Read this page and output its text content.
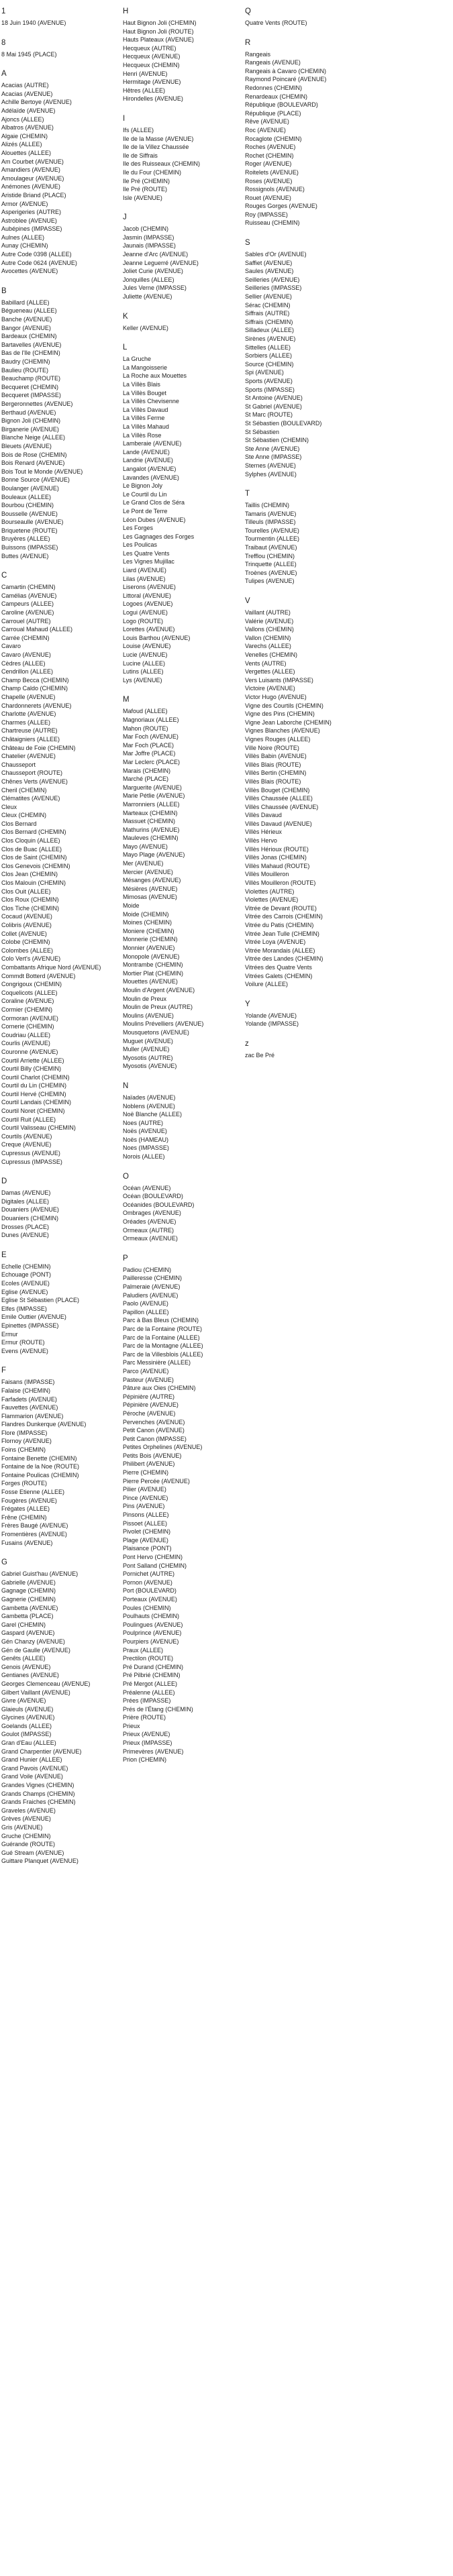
1
18 Juin 1940 (AVENUE)
8
8 Mai 1945 (PLACE)
A
Acacias (AUTRE)
Acacias (AVENUE)
Achille Bertoye (AVENUE)
Adélaïde (AVENUE)
Ajoncs (ALLEE)
Albatros (AVENUE)
Algaie (CHEMIN)
Alizés (ALLEE)
Alouettes (ALLEE)
Am Courbet (AVENUE)
Amandiers (AVENUE)
Amoulageur (AVENUE)
Anémones (AVENUE)
Aristide Briand (PLACE)
Armor (AVENUE)
Asperigeries (AUTRE)
Astroblee (AVENUE)
Aubépines (IMPASSE)
Aulnes (ALLEE)
Aunay (CHEMIN)
Autre Code 0398 (ALLEE)
Autre Code 0624 (AVENUE)
Avocettes (AVENUE)
B
Babillard (ALLEE)
Bégueneau (ALLEE)
Banche (AVENUE)
Bangor (AVENUE)
Bardeaux (CHEMIN)
Bartavelles (AVENUE)
Bas de l'Ile (CHEMIN)
Baudry (CHEMIN)
Baulieu (ROUTE)
Beauchamp (ROUTE)
Becqueret (CHEMIN)
Becqueret (IMPASSE)
Bergeronnettes (AVENUE)
Berthaud (AVENUE)
Bignon Joli (CHEMIN)
Birganerie (AVENUE)
Blanche Neige (ALLEE)
Bleuets (AVENUE)
Bois de Rose (CHEMIN)
Bois Renard (AVENUE)
Bois Tout le Monde (AVENUE)
Bonne Source (AVENUE)
Boulanger (AVENUE)
Bouleaux (ALLEE)
Bourbou (CHEMIN)
Bousselle (AVENUE)
Bourseaulle (AVENUE)
Briquetene (ROUTE)
Bruyères (ALLEE)
Buissons (IMPASSE)
Buttes (AVENUE)
C
Camartin (CHEMIN)
Camélias (AVENUE)
Campeurs (ALLEE)
Caroline (AVENUE)
Carrouel (AUTRE)
Carroual Mahaud (ALLEE)
Carrée (CHEMIN)
Cavaro
Cavaro (AVENUE)
Cèdres (ALLEE)
Cendrillon (ALLEE)
Champ Becca (CHEMIN)
Champ Caldo (CHEMIN)
Chapelle (AVENUE)
Chardonnerets (AVENUE)
Charlotte (AVENUE)
Charmes (ALLEE)
Chartreuse (AUTRE)
Châtaigniers (ALLEE)
Château de Foie (CHEMIN)
Chatelier (AVENUE)
Chausseport
Chausseport (ROUTE)
Chênes Verts (AVENUE)
Cheril (CHEMIN)
Clématites (AVENUE)
Cleux
Cleux (CHEMIN)
Clos Bernard
Clos Bernard (CHEMIN)
Clos Cloquin (ALLEE)
Clos de Buac (ALLEE)
Clos de Saint (CHEMIN)
Clos Genevois (CHEMIN)
Clos Jean (CHEMIN)
Clos Malouin (CHEMIN)
Clos Ouit (ALLEE)
Clos Roux (CHEMIN)
Clos Tiche (CHEMIN)
Cocaud (AVENUE)
Colibris (AVENUE)
Collet (AVENUE)
Colobe (CHEMIN)
Colombes (ALLEE)
Colo Vert's (AVENUE)
Combattants Afrique Nord (AVENUE)
Commdt Botterd (AVENUE)
Congrigoux (CHEMIN)
Coquelicots (ALLEE)
Coraline (AVENUE)
Cormier (CHEMIN)
Cormoran (AVENUE)
Cornerie (CHEMIN)
Coudriau (ALLEE)
Courlis (AVENUE)
Couronne (AVENUE)
Courtil Arriette (ALLEE)
Courtil Billy (CHEMIN)
Courtil Charlot (CHEMIN)
Courtil du Lin (CHEMIN)
Courtil Hervé (CHEMIN)
Courtil Landais (CHEMIN)
Courtil Noret (CHEMIN)
Courtil Ruit (ALLEE)
Courtil Valisseau (CHEMIN)
Courtils (AVENUE)
Creque (AVENUE)
Cupressus (AVENUE)
Cupressus (IMPASSE)
D
Damas (AVENUE)
Digitales (ALLEE)
Douaniers (AVENUE)
Douaniers (CHEMIN)
Drosses (PLACE)
Dunes (AVENUE)
E
Echelle (CHEMIN)
Echouage (PONT)
Ecoles (AVENUE)
Eglise (AVENUE)
Eglise St Sébastien (PLACE)
Elfes (IMPASSE)
Emile Outtier (AVENUE)
Epinettes (IMPASSE)
Ermur
Ermur (ROUTE)
Evens (AVENUE)
F
Faisans (IMPASSE)
Falaise (CHEMIN)
Farfadets (AVENUE)
Fauvettes (AVENUE)
Flammarion (AVENUE)
Flandres Dunkerque (AVENUE)
Flore (IMPASSE)
Flornoy (AVENUE)
Foins (CHEMIN)
Fontaine Benette (CHEMIN)
Fontaine de la Noe (ROUTE)
Fontaine Poulicas (CHEMIN)
Forges (ROUTE)
Fosse Etienne (ALLEE)
Fougères (AVENUE)
Frégates (ALLEE)
Frêne (CHEMIN)
Frères Baugé (AVENUE)
Fromentières (AVENUE)
Fusains (AVENUE)
G
Gabriel Guist'hau (AVENUE)
Gabrielle (AVENUE)
Gagnage (CHEMIN)
Gagnerie (CHEMIN)
Gambetta (AVENUE)
Gambetta (PLACE)
Garel (CHEMIN)
Gaspard (AVENUE)
Gén Chanzy (AVENUE)
Gén de Gaulle (AVENUE)
Genêts (ALLEE)
Genois (AVENUE)
Gentianes (AVENUE)
Georges Clemenceau (AVENUE)
Gilbert Vaillant (AVENUE)
Givre (AVENUE)
Glaieuls (AVENUE)
Glycines (AVENUE)
Goelands (ALLEE)
Goulot (IMPASSE)
Gran d'Eau (ALLEE)
Grand Charpentier (AVENUE)
Grand Hunier (ALLEE)
Grand Pavois (AVENUE)
Grand Voile (AVENUE)
Grandes Vignes (CHEMIN)
Grands Champs (CHEMIN)
Grands Fraiches (CHEMIN)
Graveles (AVENUE)
Grèves (AVENUE)
Gris (AVENUE)
Gruche (CHEMIN)
Guérande (ROUTE)
Gué Stream (AVENUE)
Guittare Planquet (AVENUE)
H
Haut Bignon Joli (CHEMIN)
Haut Bignon Joli (ROUTE)
Hauts Plateaux (AVENUE)
Hecqueux (AUTRE)
Hecqueux (AVENUE)
Hecqueux (CHEMIN)
Henri (AVENUE)
Hermitage (AVENUE)
Hêtres (ALLEE)
Hirondelles (AVENUE)
I
Ifs (ALLEE)
Ile de la Masse (AVENUE)
Ile de la Villez Chaussée
Ile de Siffrais
Ile des Ruisseaux (CHEMIN)
Ile du Four (CHEMIN)
Ile Pré (CHEMIN)
Ile Pré (ROUTE)
Isle (AVENUE)
J
Jacob (CHEMIN)
Jasmin (IMPASSE)
Jaunais (IMPASSE)
Jeanne d'Arc (AVENUE)
Jeanne Leguerré (AVENUE)
Joliet Curie (AVENUE)
Jonquilles (ALLEE)
Jules Verne (IMPASSE)
Juliette (AVENUE)
K
Keller (AVENUE)
L
La Gruche
La Mangoisserie
La Roche aux Mouettes
La Villès Blais
La Villès Bouget
La Villès Chevisenne
La Villès Davaud
La Villès Ferme
La Villès Mahaud
La Villès Rose
Lamberaie (AVENUE)
Lande (AVENUE)
Landrie (AVENUE)
Langalot (AVENUE)
Lavandes (AVENUE)
Le Bignon Joly
Le Courtil du Lin
Le Grand Clos de Séra
Le Pont de Terre
Léon Dubes (AVENUE)
Les Forges
Les Gagnages des Forges
Les Poulicas
Les Quatre Vents
Les Vignes Mujillac
Liard (AVENUE)
Lilas (AVENUE)
Liserons (AVENUE)
Littoral (AVENUE)
Logoes (AVENUE)
Logui (AVENUE)
Logo (ROUTE)
Lorettes (AVENUE)
Louis Barthou (AVENUE)
Louise (AVENUE)
Lucie (AVENUE)
Lucine (ALLEE)
Lutins (ALLEE)
Lys (AVENUE)
M
Mafoud (ALLEE)
Magnoriaux (ALLEE)
Mahon (ROUTE)
Mar Foch (AVENUE)
Mar Foch (PLACE)
Mar Joffre (PLACE)
Mar Leclerc (PLACE)
Marais (CHEMIN)
Marché (PLACE)
Marguerite (AVENUE)
Marie Pétlie (AVENUE)
Marronniers (ALLEE)
Marteaux (CHEMIN)
Massuet (CHEMIN)
Mathurins (AVENUE)
Mauleves (CHEMIN)
Mayo (AVENUE)
Mayo Plage (AVENUE)
Mer (AVENUE)
Mercier (AVENUE)
Mésanges (AVENUE)
Mésières (AVENUE)
Mimosas (AVENUE)
Moide
Moide (CHEMIN)
Moines (CHEMIN)
Moniere (CHEMIN)
Monnerie (CHEMIN)
Monnier (AVENUE)
Monopole (AVENUE)
Montrambe (CHEMIN)
Mortier Plat (CHEMIN)
Mouettes (AVENUE)
Moulin d'Argent (AVENUE)
Moulin de Preux
Moulin de Preux (AUTRE)
Moulins (AVENUE)
Moulins Prévelliers (AVENUE)
Mousquetons (AVENUE)
Muguet (AVENUE)
Muller (AVENUE)
Myosotis (AUTRE)
Myosotis (AVENUE)
N
Naïades (AVENUE)
Noblens (AVENUE)
Noë Blanche (ALLEE)
Noes (AUTRE)
Noës (AVENUE)
Noës (HAMEAU)
Noes (IMPASSE)
Norois (ALLEE)
O
Océan (AVENUE)
Océan (BOULEVARD)
Océanides (BOULEVARD)
Ombrages (AVENUE)
Oréades (AVENUE)
Ormeaux (AUTRE)
Ormeaux (AVENUE)
P
Padiou (CHEMIN)
Pailleresse (CHEMIN)
Palmeraie (AVENUE)
Paludiers (AVENUE)
Paolo (AVENUE)
Papillon (ALLEE)
Parc à Bas Bleus (CHEMIN)
Parc de la Fontaine (ROUTE)
Parc de la Fontaine (ALLEE)
Parc de la Montagne (ALLEE)
Parc de la Villesblois (ALLEE)
Parc Messinière (ALLEE)
Parco (AVENUE)
Pasteur (AVENUE)
Pâture aux Oies (CHEMIN)
Pépinière (AUTRE)
Pépinière (AVENUE)
Péroche (AVENUE)
Pervenches (AVENUE)
Petit Canon (AVENUE)
Petit Canon (IMPASSE)
Petites Orphelines (AVENUE)
Petits Bois (AVENUE)
Philibert (AVENUE)
Pierre (CHEMIN)
Pierre Percée (AVENUE)
Pilier (AVENUE)
Pince (AVENUE)
Pins (AVENUE)
Pinsons (ALLEE)
Pissoet (ALLEE)
Pivolet (CHEMIN)
Plage (AVENUE)
Plaisance (PONT)
Pont Hervo (CHEMIN)
Pont Salland (CHEMIN)
Pornichet (AUTRE)
Pornon (AVENUE)
Port (BOULEVARD)
Porteaux (AVENUE)
Poules (CHEMIN)
Poulhauts (CHEMIN)
Poulingues (AVENUE)
Poulprince (AVENUE)
Pourpiers (AVENUE)
Praux (ALLEE)
Prectilon (ROUTE)
Pré Durand (CHEMIN)
Pré Pilbrié (CHEMIN)
Pré Mergot (ALLEE)
Préalenne (ALLEE)
Prées (IMPASSE)
Prés de l'Étang (CHEMIN)
Prière (ROUTE)
Prieux
Prieux (AVENUE)
Prieux (IMPASSE)
Primevères (AVENUE)
Prion (CHEMIN)
Q
Quatre Vents (ROUTE)
R
Rangeais
Rangeais (AVENUE)
Rangeais à Cavaro (CHEMIN)
Raymond Poincaré (AVENUE)
Redonnes (CHEMIN)
Renardeaux (CHEMIN)
République (BOULEVARD)
République (PLACE)
Rêve (AVENUE)
Roc (AVENUE)
Rocaglote (CHEMIN)
Roches (AVENUE)
Rochet (CHEMIN)
Roger (AVENUE)
Roitelets (AVENUE)
Roses (AVENUE)
Rossignols (AVENUE)
Rouet (AVENUE)
Rouges Gorges (AVENUE)
Roy (IMPASSE)
Ruisseau (CHEMIN)
S
Sables d'Or (AVENUE)
Saffiet (AVENUE)
Saules (AVENUE)
Seilleries (AVENUE)
Seilleries (IMPASSE)
Sellier (AVENUE)
Sérac (CHEMIN)
Siffrais (AUTRE)
Siffrais (CHEMIN)
Silladeux (ALLEE)
Sirènes (AVENUE)
Sittelles (ALLEE)
Sorbiers (ALLEE)
Source (CHEMIN)
Spi (AVENUE)
Sports (AVENUE)
Sports (IMPASSE)
St Antoine (AVENUE)
St Gabriel (AVENUE)
St Marc (ROUTE)
St Sébastien (BOULEVARD)
St Sébastien
St Sébastien (CHEMIN)
Ste Anne (AVENUE)
Ste Anne (IMPASSE)
Sternes (AVENUE)
Sylphes (AVENUE)
T
Taillis (CHEMIN)
Tamaris (AVENUE)
Tilleuls (IMPASSE)
Tourelles (AVENUE)
Tourmentin (ALLEE)
Traibaut (AVENUE)
Trefflou (CHEMIN)
Trinquette (ALLEE)
Troènes (AVENUE)
Tulipes (AVENUE)
V
Vaillant (AUTRE)
Valérie (AVENUE)
Vallons (CHEMIN)
Vallon (CHEMIN)
Varechs (ALLEE)
Venelles (CHEMIN)
Vents (AUTRE)
Vergettes (ALLEE)
Vers Luisants (IMPASSE)
Victoire (AVENUE)
Victor Hugo (AVENUE)
Vigne des Courtils (CHEMIN)
Vigne des Pins (CHEMIN)
Vigne Jean Laborche (CHEMIN)
Vignes Blanches (AVENUE)
Vignes Rouges (ALLEE)
Ville Noire (ROUTE)
Villès Babin (AVENUE)
Villès Blais (ROUTE)
Villès Bertin (CHEMIN)
Villès Blais (ROUTE)
Villès Bouget (CHEMIN)
Villès Chaussée (ALLEE)
Villès Chaussée (AVENUE)
Villès Davaud
Villès Davaud (AVENUE)
Villès Hérieux
Villès Hervo
Villès Hérioux (ROUTE)
Villès Jonas (CHEMIN)
Villès Mahaud (ROUTE)
Villès Mouilleron
Villès Mouilleron (ROUTE)
Violettes (AUTRE)
Violettes (AVENUE)
Vitrée de Devant (ROUTE)
Vitrée des Carrois (CHEMIN)
Vitrée du Patis (CHEMIN)
Vitrée Jean Tulle (CHEMIN)
Vitrée Loya (AVENUE)
Vitrée Morandais (ALLEE)
Vitrée des Landes (CHEMIN)
Vitrées des Quatre Vents
Vitrées Galets (CHEMIN)
Voilure (ALLEE)
Y
Yolande (AVENUE)
Yolande (IMPASSE)
z
zac Be Pré
